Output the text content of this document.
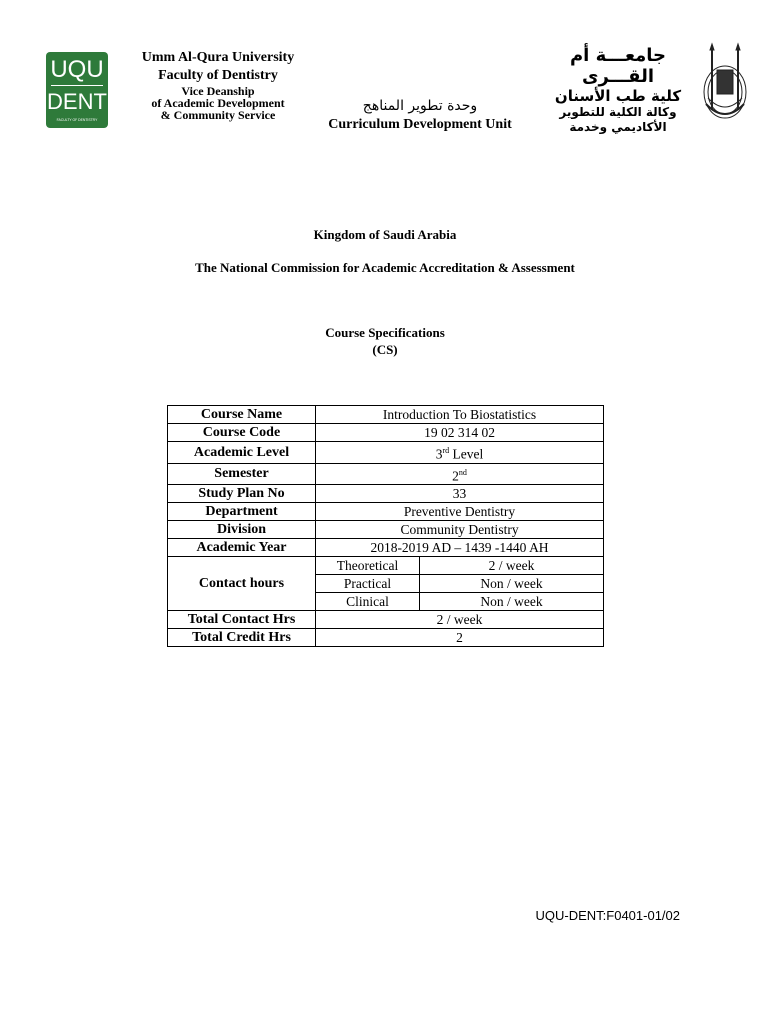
UQU
DENT
FACULTY OF DENTISTRY
Umm Al-Qura University
Faculty of Dentistry
Vice Deanship
of Academic Development
& Community Service
وحدة تطوير المناهج
Curriculum Development Unit
جامعـــة أم القـــرى
كلية طب الأسنان
وكالة الكلية للتطوير
الأكاديمي وخدمة
Kingdom of Saudi Arabia
The National Commission for Academic Accreditation & Assessment
Course Specifications
(CS)
Course Name	Introduction To Biostatistics	
Course Code	19 02 314 02	
Academic Level	3rd Level	
Semester	2nd
Study Plan No	33	
Department	Preventive Dentistry	
Division	Community Dentistry	
Academic Year	2018-2019 AD – 1439 -1440 AH	
Contact hours	Theoretical	2 / week
	Practical	Non / week
	Clinical	Non / week
Total Contact Hrs	2 / week	
Total Credit Hrs	2	
UQU-DENT:F0401-01/02
